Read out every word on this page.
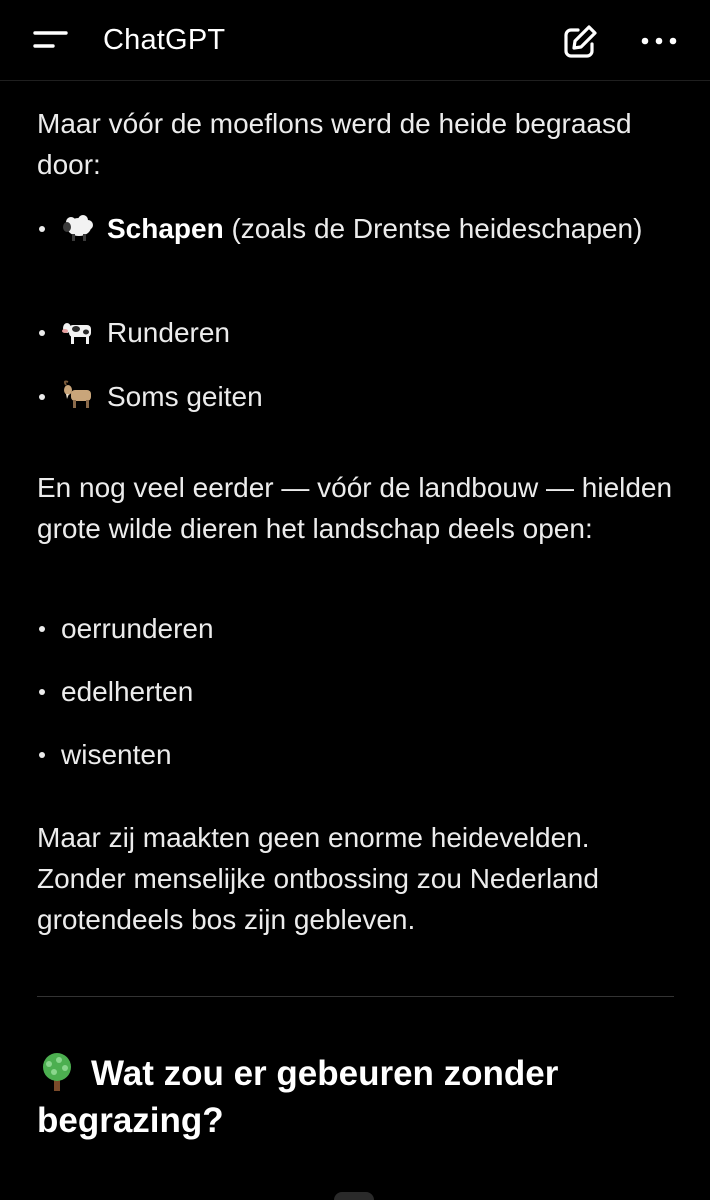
ChatGPT

Maar vóór de moeflons werd de heide begraasd door:

Schapen (zoals de Drentse heideschapen)
Runderen
Soms geiten

En nog veel eerder — vóór de landbouw — hielden grote wilde dieren het landschap deels open:

oerrunderen
edelherten
wisenten

Maar zij maakten geen enorme heidevelden. Zonder menselijke ontbossing zou Nederland grotendeels bos zijn gebleven.

Wat zou er gebeuren zonder begrazing?
